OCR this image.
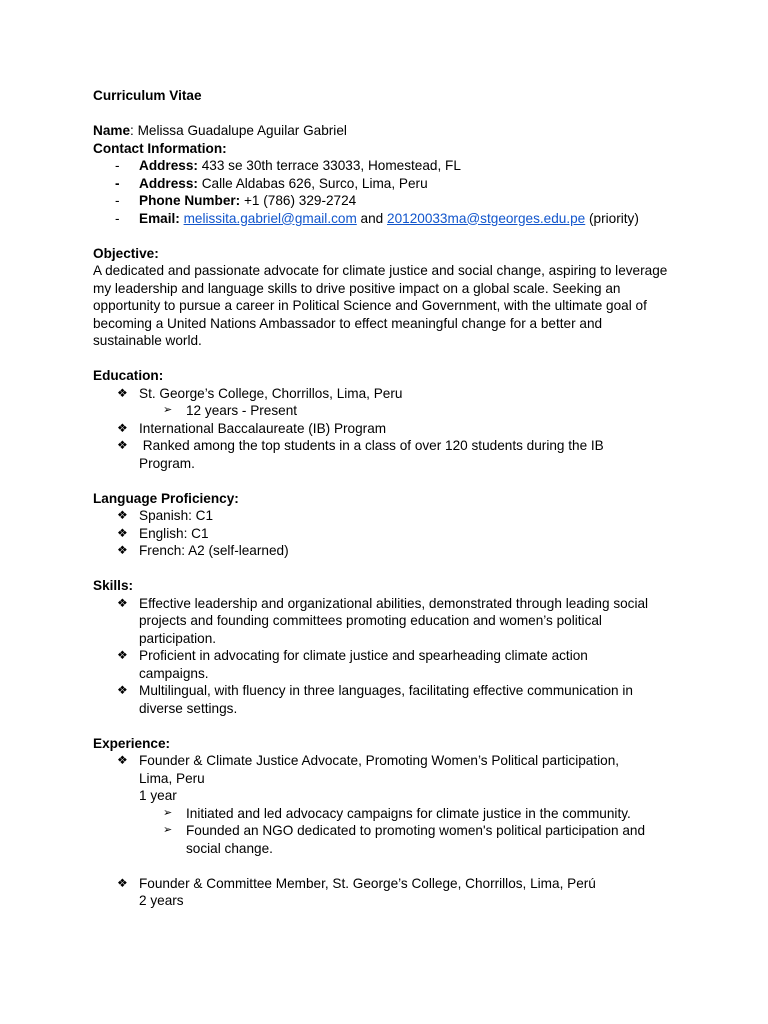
Curriculum Vitae
Name: Melissa Guadalupe Aguilar Gabriel
Contact Information:
-	Address: 433 se 30th terrace 33033, Homestead, FL
-	Address: Calle Aldabas 626, Surco, Lima, Peru
-	Phone Number: +1 (786) 329-2724
-	Email: melissita.gabriel@gmail.com and 20120033ma@stgeorges.edu.pe (priority)
Objective:
A dedicated and passionate advocate for climate justice and social change, aspiring to leverage my leadership and language skills to drive positive impact on a global scale. Seeking an opportunity to pursue a career in Political Science and Government, with the ultimate goal of becoming a United Nations Ambassador to effect meaningful change for a better and sustainable world.
Education:
❖ St. George’s College, Chorrillos, Lima, Peru
➢	12 years - Present
❖ International Baccalaureate (IB) Program
❖ Ranked among the top students in a class of over 120 students during the IB Program.
Language Proficiency:
❖ Spanish: C1
❖ English: C1
❖ French: A2 (self-learned)
Skills:
❖ Effective leadership and organizational abilities, demonstrated through leading social projects and founding committees promoting education and women’s political participation.
❖ Proficient in advocating for climate justice and spearheading climate action campaigns.
❖ Multilingual, with fluency in three languages, facilitating effective communication in diverse settings.
Experience:
❖ Founder & Climate Justice Advocate, Promoting Women’s Political participation, Lima, Peru
1 year
➢	Initiated and led advocacy campaigns for climate justice in the community.
➢	Founded an NGO dedicated to promoting women's political participation and social change.
❖ Founder & Committee Member, St. George’s College, Chorrillos, Lima, Perú
2 years
